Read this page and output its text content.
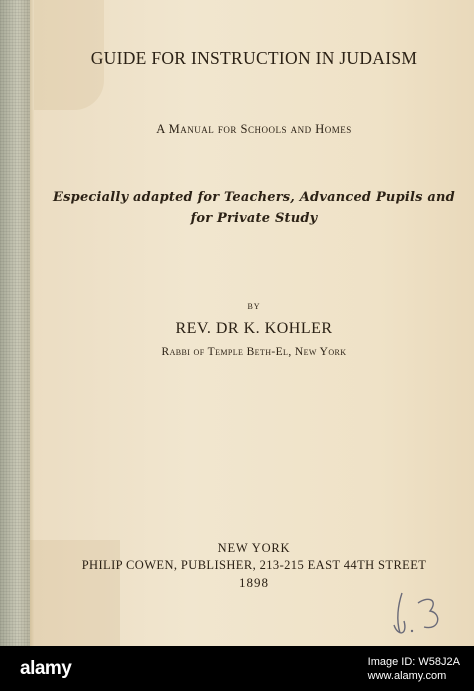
GUIDE FOR INSTRUCTION IN JUDAISM
A Manual for Schools and Homes
Especially adapted for Teachers, Advanced Pupils and
for Private Study
BY
REV. DR K. KOHLER
Rabbi of Temple Beth-El, New York
NEW YORK
PHILIP COWEN, PUBLISHER, 213-215 EAST 44TH STREET
1898
alamy	Image ID: W58J2A
www.alamy.com
